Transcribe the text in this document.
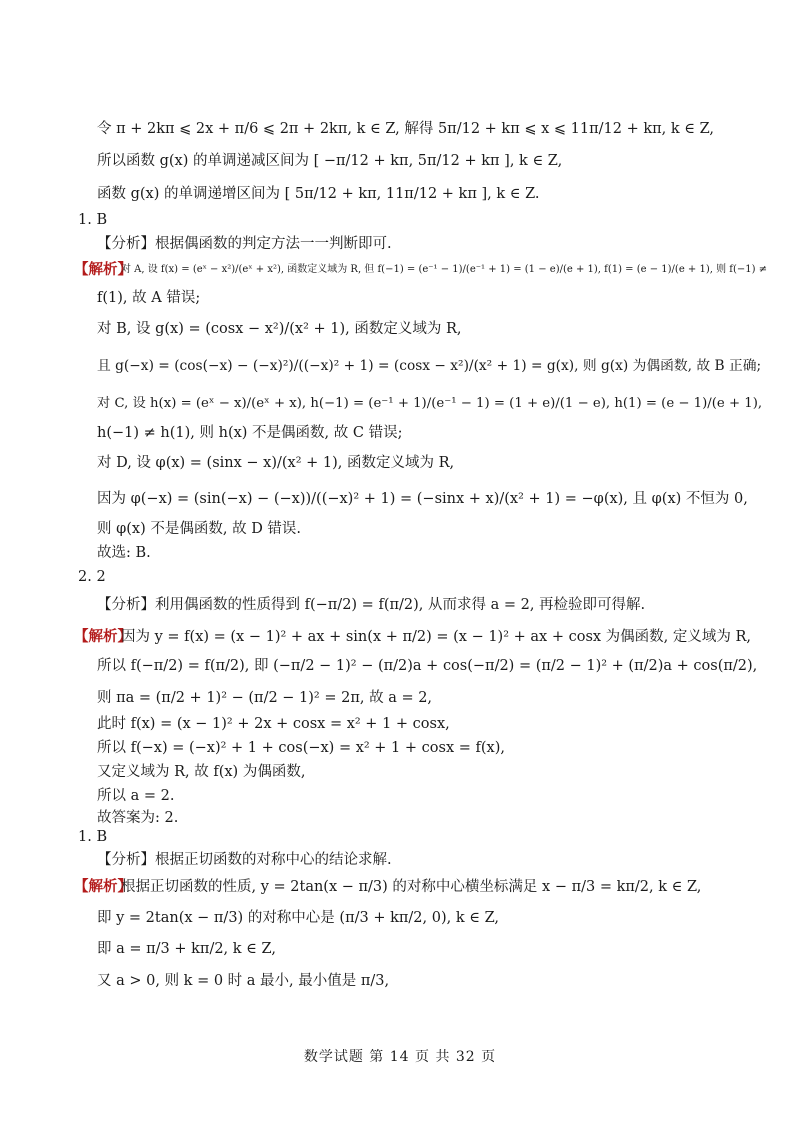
令 π + 2kπ ⩽ 2x + π/6 ⩽ 2π + 2kπ, k ∈ Z, 解得 5π/12 + kπ ⩽ x ⩽ 11π/12 + kπ, k ∈ Z,
所以函数 g(x) 的单调递减区间为 [ −π/12 + kπ, 5π/12 + kπ ], k ∈ Z,
函数 g(x) 的单调递增区间为 [ 5π/12 + kπ, 11π/12 + kπ ], k ∈ Z.
1. B
【分析】根据偶函数的判定方法一一判断即可.
【解析】
对 A, 设 f(x) = (eˣ − x²)/(eˣ + x²), 函数定义域为 R, 但 f(−1) = (e⁻¹ − 1)/(e⁻¹ + 1) = (1 − e)/(e + 1), f(1) = (e − 1)/(e + 1), 则 f(−1) ≠
f(1), 故 A 错误;
对 B, 设 g(x) = (cosx − x²)/(x² + 1), 函数定义域为 R,
且 g(−x) = (cos(−x) − (−x)²)/((−x)² + 1) = (cosx − x²)/(x² + 1) = g(x), 则 g(x) 为偶函数, 故 B 正确;
对 C, 设 h(x) = (eˣ − x)/(eˣ + x), h(−1) = (e⁻¹ + 1)/(e⁻¹ − 1) = (1 + e)/(1 − e), h(1) = (e − 1)/(e + 1),
h(−1) ≠ h(1), 则 h(x) 不是偶函数, 故 C 错误;
对 D, 设 φ(x) = (sinx − x)/(x² + 1), 函数定义域为 R,
因为 φ(−x) = (sin(−x) − (−x))/((−x)² + 1) = (−sinx + x)/(x² + 1) = −φ(x), 且 φ(x) 不恒为 0,
则 φ(x) 不是偶函数, 故 D 错误.
故选: B.
2. 2
【分析】利用偶函数的性质得到 f(−π/2) = f(π/2), 从而求得 a = 2, 再检验即可得解.
【解析】
因为 y = f(x) = (x − 1)² + ax + sin(x + π/2) = (x − 1)² + ax + cosx 为偶函数, 定义域为 R,
所以 f(−π/2) = f(π/2), 即 (−π/2 − 1)² − (π/2)a + cos(−π/2) = (π/2 − 1)² + (π/2)a + cos(π/2),
则 πa = (π/2 + 1)² − (π/2 − 1)² = 2π, 故 a = 2,
此时 f(x) = (x − 1)² + 2x + cosx = x² + 1 + cosx,
所以 f(−x) = (−x)² + 1 + cos(−x) = x² + 1 + cosx = f(x),
又定义域为 R, 故 f(x) 为偶函数,
所以 a = 2.
故答案为: 2.
1. B
【分析】根据正切函数的对称中心的结论求解.
【解析】
根据正切函数的性质, y = 2tan(x − π/3) 的对称中心横坐标满足 x − π/3 = kπ/2, k ∈ Z,
即 y = 2tan(x − π/3) 的对称中心是 (π/3 + kπ/2, 0), k ∈ Z,
即 a = π/3 + kπ/2, k ∈ Z,
又 a > 0, 则 k = 0 时 a 最小, 最小值是 π/3,
数学试题 第 14 页 共 32 页
